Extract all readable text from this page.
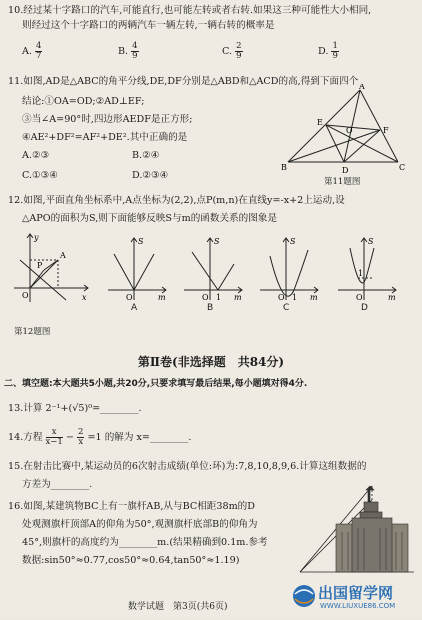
10.经过某十字路口的汽车,可能直行,也可能左转或者右转.如果这三种可能性大小相同,
则经过这个十字路口的两辆汽车一辆左转,一辆右转的概率是
A. $\frac{4}{7}$	B. $\frac{4}{9}$	C. $\frac{2}{9}$	D. $\frac{1}{9}$
11.如图,AD是△ABC的角平分线,DE,DF分别是△ABD和△ACD的高,得到下面四个
结论:①OA=OD;②AD⊥EF;
③当∠A=90°时,四边形AEDF是正方形;
④AE²+DF²=AF²+DE².其中正确的是
A.②③	B.②④
C.①③④	D.②③④
A
B	C
D
E
F
O
第11题图
12.如图,平面直角坐标系中,A点坐标为(2,2),点P(m,n)在直线y=-x+2上运动,设
△APO的面积为S,则下面能够反映S与m的函数关系的图象是
y
x
O
P
A
S
m
O
S
m
O 1
S
m
O 1
S
m
O
1
A	B	C	D
第12题图
第Ⅱ卷(非选择题　共84分)
二、填空题:本大题共5小题,共20分,只要求填写最后结果,每小题填对得4分.
13.计算 2⁻¹+(√5)⁰=________.
14.方程 $\frac{x}{x-1} - \frac{2}{x} =1$ 的解为 x=________.
15.在射击比赛中,某运动员的6次射击成绩(单位:环)为:7,8,10,8,9,6.计算这组数据的
方差为________.
16.如图,某建筑物BC上有一旗杆AB,从与BC相距38m的D
处观测旗杆顶部A的仰角为50°,观测旗杆底部B的仰角为
45°,则旗杆的高度约为________m.(结果精确到0.1m.参考
数据:sin50°≈0.77,cos50°≈0.64,tan50°≈1.19)
数学试题　第3页(共6页)
出国留学网
WWW.LIUXUE86.COM
